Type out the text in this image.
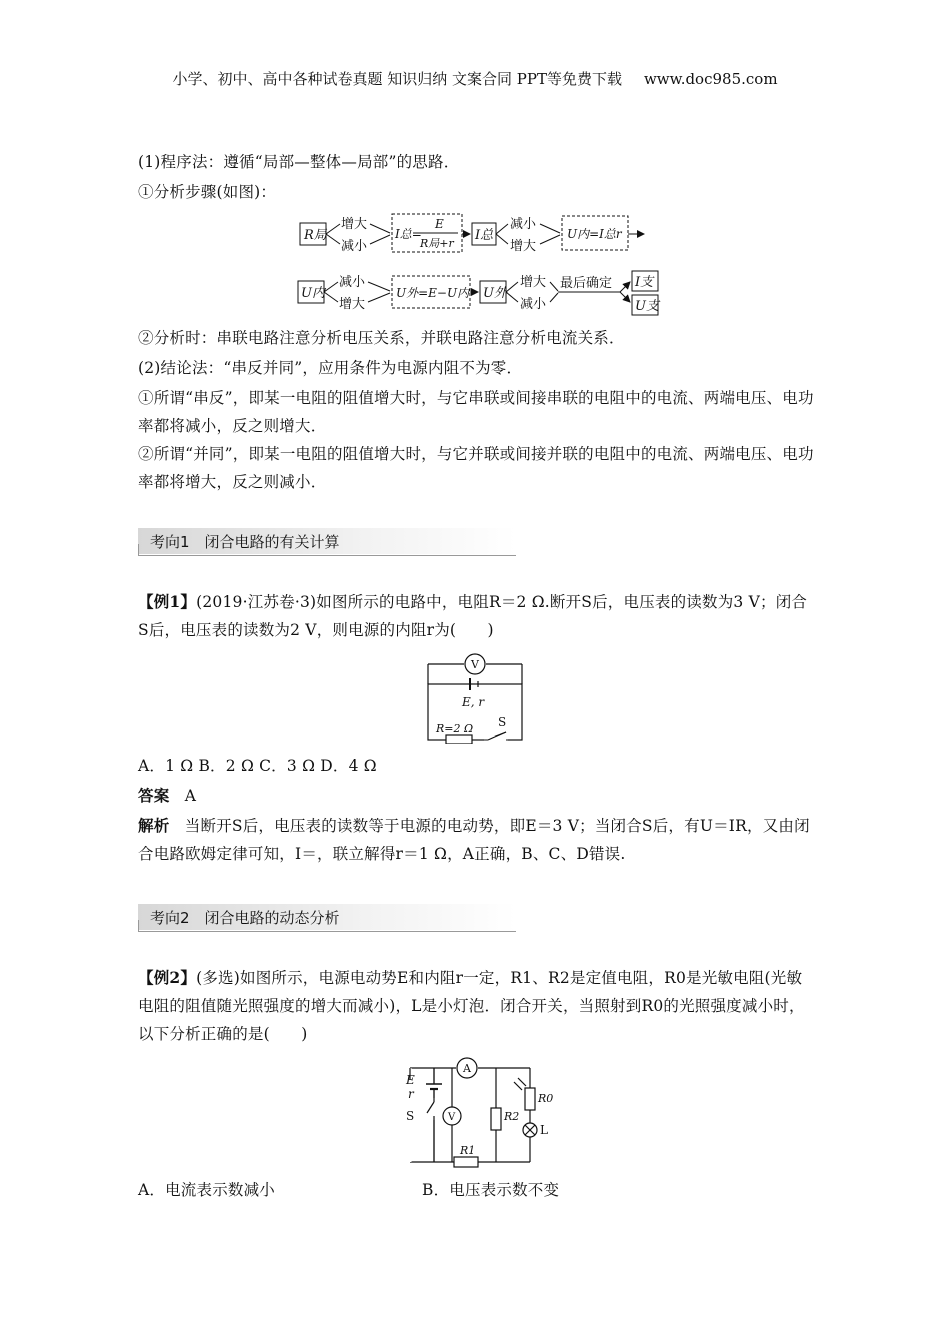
小学、初中、高中各种试卷真题 知识归纳 文案合同 PPT等免费下载 www.doc985.com
(1)程序法：遵循“局部—整体—局部”的思路．
①分析步骤(如图)：
R局
增大
减小
I总=
E
R局+r
I总
减小
增大
U内=I总r
U内
减小
增大
U外=E−U内 U外
增大
减小
最后确定 I支
U支
②分析时：串联电路注意分析电压关系，并联电路注意分析电流关系．
(2)结论法：“串反并同”，应用条件为电源内阻不为零．
①所谓“串反”，即某一电阻的阻值增大时，与它串联或间接串联的电阻中的电流、两端电压、电功率都将减小，反之则增大．
②所谓“并同”，即某一电阻的阻值增大时，与它并联或间接并联的电阻中的电流、两端电压、电功率都将增大，反之则减小．
考向1　闭合电路的有关计算
【例1】(2019·江苏卷·3)如图所示的电路中，电阻R＝2 Ω.断开S后，电压表的读数为3 V；闭合S后，电压表的读数为2 V，则电源的内阻r为(　　)
V
E, r
R=2 Ω S
A．1 Ω B．2 Ω C．3 Ω D．4 Ω
答案 A
解析 当断开S后，电压表的读数等于电源的电动势，即E＝3 V；当闭合S后，有U＝IR，又由闭合电路欧姆定律可知，I＝，联立解得r＝1 Ω，A正确，B、C、D错误.
考向2　闭合电路的动态分析
【例2】(多选)如图所示，电源电动势E和内阻r一定，R1、R2是定值电阻，R0是光敏电阻(光敏电阻的阻值随光照强度的增大而减小)，L是小灯泡．闭合开关，当照射到R0的光照强度减小时，以下分析正确的是(　　)
A
V
E
r
S
R0
R2
R1
L
A．电流表示数减小	B．电压表示数不变
